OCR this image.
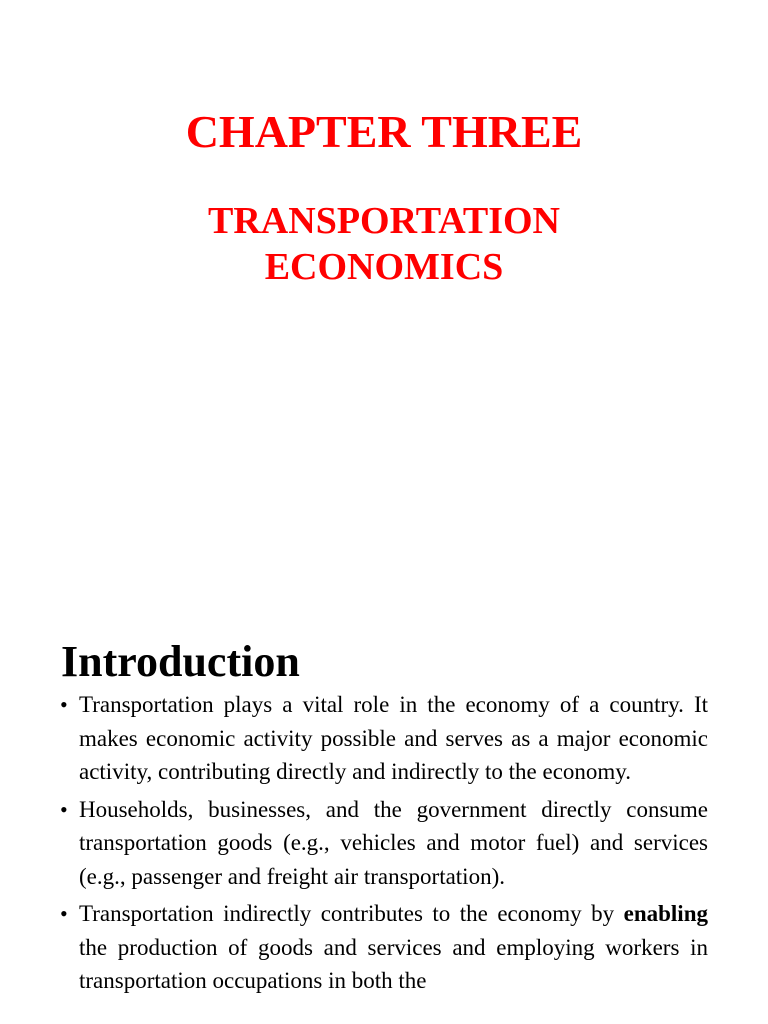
CHAPTER THREE
TRANSPORTATION
ECONOMICS
Introduction
• Transportation plays a vital role in the economy of a country. It makes economic activity possible and serves as a major economic activity, contributing directly and indirectly to the economy.
• Households, businesses, and the government directly consume transportation goods (e.g., vehicles and motor fuel) and services (e.g., passenger and freight air transportation).
• Transportation indirectly contributes to the economy by enabling the production of goods and services and employing workers in transportation occupations in both the
